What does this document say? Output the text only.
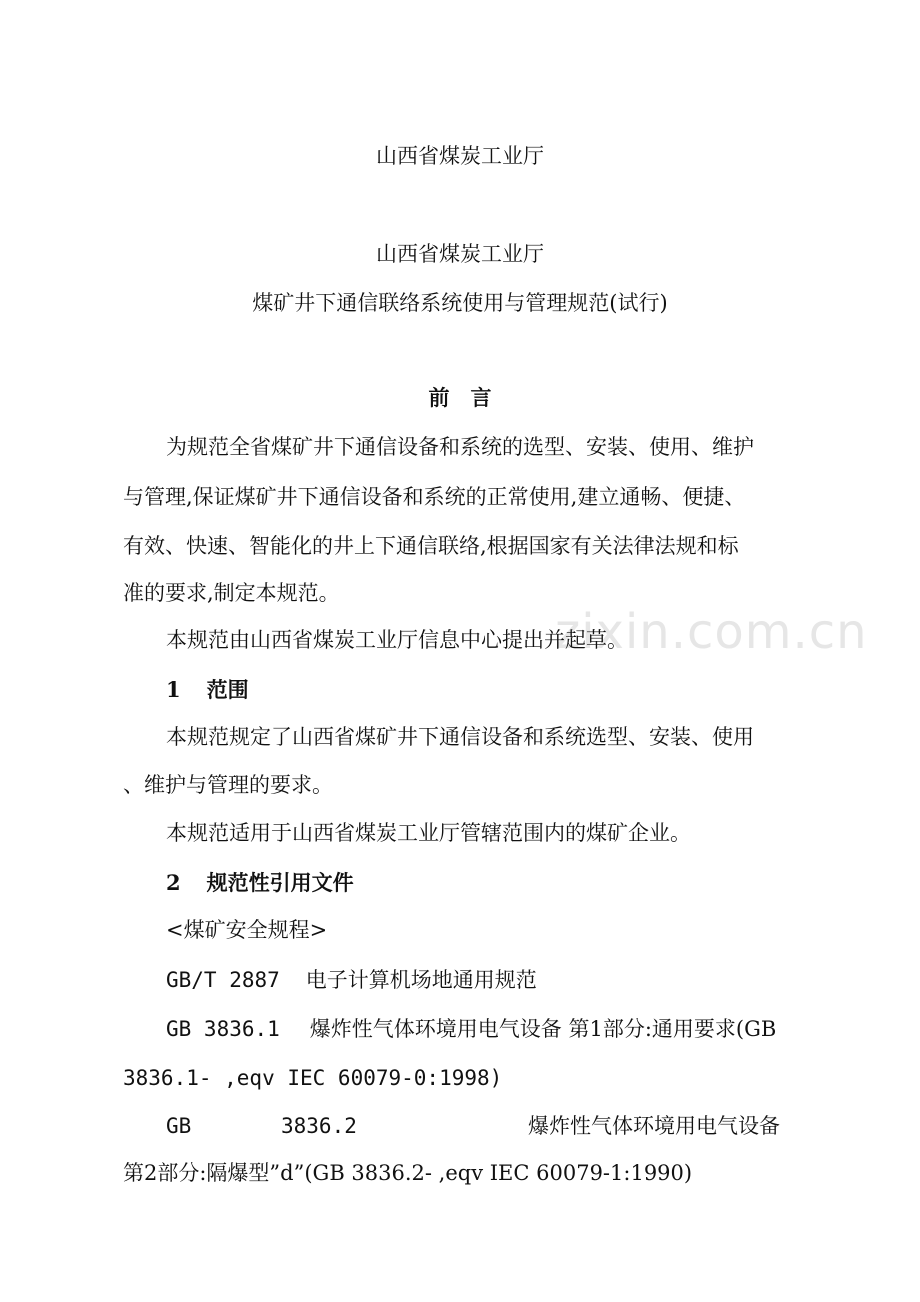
zixin.com.cn

山西省煤炭工业厅

山西省煤炭工业厅

煤矿井下通信联络系统使用与管理规范(试行)

前　言

为规范全省煤矿井下通信设备和系统的选型、安装、使用、维护

与管理,保证煤矿井下通信设备和系统的正常使用,建立通畅、便捷、

有效、快速、智能化的井上下通信联络,根据国家有关法律法规和标

准的要求,制定本规范。

本规范由山西省煤炭工业厅信息中心提出并起草。

1 范围

本规范规定了山西省煤矿井下通信设备和系统选型、安装、使用

、维护与管理的要求。

本规范适用于山西省煤炭工业厅管辖范围内的煤矿企业。

2 规范性引用文件

<煤矿安全规程>

GB/T 2887 电子计算机场地通用规范

GB 3836.1 爆炸性气体环境用电气设备 第1部分:通用要求(GB

3836.1- ,eqv IEC 60079-0:1998)

GB	3836.2	爆炸性气体环境用电气设备

第2部分:隔爆型”d”(GB 3836.2- ,eqv IEC 60079-1:1990)
